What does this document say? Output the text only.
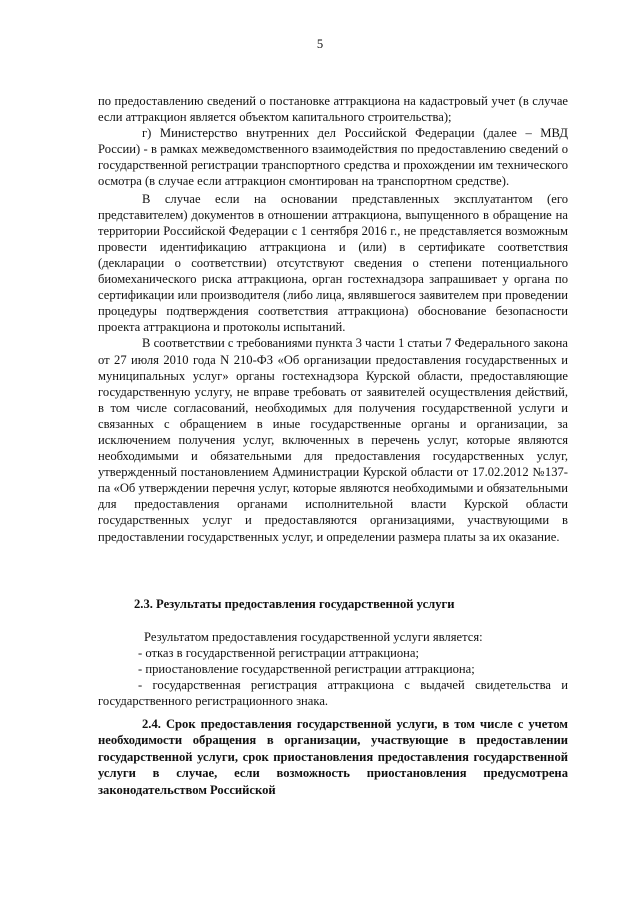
5

по предоставлению сведений о постановке аттракциона на кадастровый учет (в случае если аттракцион является объектом капитального строительства);

г) Министерство внутренних дел Российской Федерации (далее – МВД России) - в рамках межведомственного взаимодействия по предоставлению сведений о государственной регистрации транспортного средства и прохождении им технического осмотра (в случае если аттракцион смонтирован на транспортном средстве).

В случае если на основании представленных эксплуатантом (его представителем) документов в отношении аттракциона, выпущенного в обращение на территории Российской Федерации с 1 сентября 2016 г., не представляется возможным провести идентификацию аттракциона и (или) в сертификате соответствия (декларации о соответствии) отсутствуют сведения о степени потенциального биомеханического риска аттракциона, орган гостехнадзора запрашивает у органа по сертификации или производителя (либо лица, являвшегося заявителем при проведении процедуры подтверждения соответствия аттракциона) обоснование безопасности проекта аттракциона и протоколы испытаний.

В соответствии с требованиями пункта 3 части 1 статьи 7 Федерального закона от 27 июля 2010 года N 210-ФЗ «Об организации предоставления государственных и муниципальных услуг» органы гостехнадзора Курской области, предоставляющие государственную услугу, не вправе требовать от заявителей осуществления действий, в том числе согласований, необходимых для получения государственной услуги и связанных с обращением в иные государственные органы и организации, за исключением получения услуг, включенных в перечень услуг, которые являются необходимыми и обязательными для предоставления государственных услуг, утвержденный постановлением Администрации Курской области от 17.02.2012 №137-па «Об утверждении перечня услуг, которые являются необходимыми и обязательными для предоставления органами исполнительной власти Курской области государственных услуг и предоставляются организациями, участвующими в предоставлении государственных услуг, и определении размера платы за их оказание.

2.3. Результаты предоставления государственной услуги

Результатом предоставления государственной услуги является:

- отказ в государственной регистрации аттракциона;

- приостановление государственной регистрации аттракциона;

- государственная регистрация аттракциона с выдачей свидетельства и государственного регистрационного знака.

2.4. Срок предоставления государственной услуги, в том числе с учетом необходимости обращения в организации, участвующие в предоставлении государственной услуги, срок приостановления предоставления государственной услуги в случае, если возможность приостановления предусмотрена законодательством Российской
